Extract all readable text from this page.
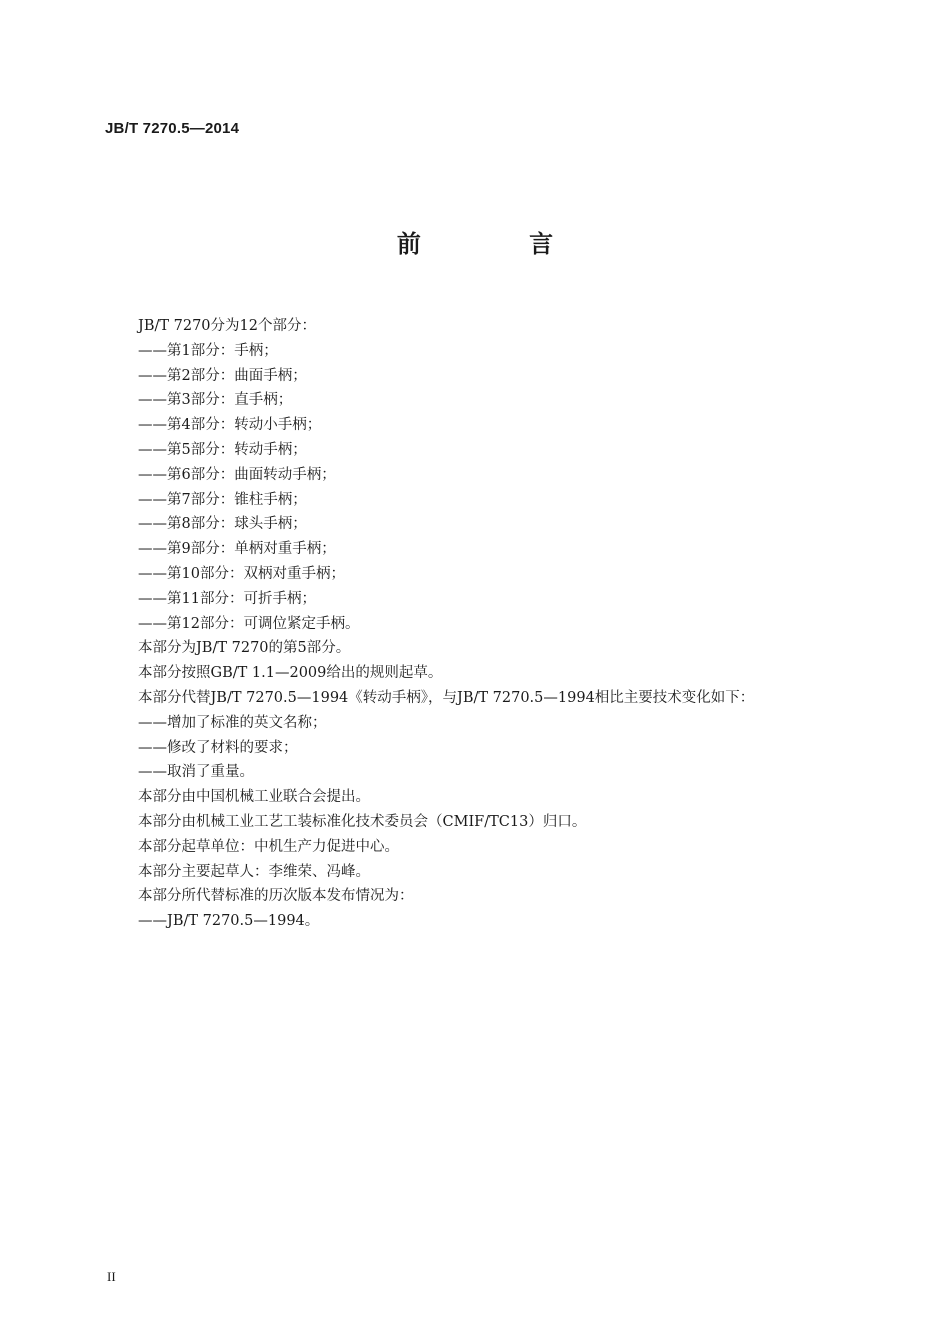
JB/T 7270.5—2014
前 言
JB/T 7270分为12个部分：
——第1部分：手柄；
——第2部分：曲面手柄；
——第3部分：直手柄；
——第4部分：转动小手柄；
——第5部分：转动手柄；
——第6部分：曲面转动手柄；
——第7部分：锥柱手柄；
——第8部分：球头手柄；
——第9部分：单柄对重手柄；
——第10部分：双柄对重手柄；
——第11部分：可折手柄；
——第12部分：可调位紧定手柄。
本部分为JB/T 7270的第5部分。
本部分按照GB/T 1.1—2009给出的规则起草。
本部分代替JB/T 7270.5—1994《转动手柄》，与JB/T 7270.5—1994相比主要技术变化如下：
——增加了标准的英文名称；
——修改了材料的要求；
——取消了重量。
本部分由中国机械工业联合会提出。
本部分由机械工业工艺工装标准化技术委员会（CMIF/TC13）归口。
本部分起草单位：中机生产力促进中心。
本部分主要起草人：李维荣、冯峰。
本部分所代替标准的历次版本发布情况为：
——JB/T 7270.5—1994。
II
